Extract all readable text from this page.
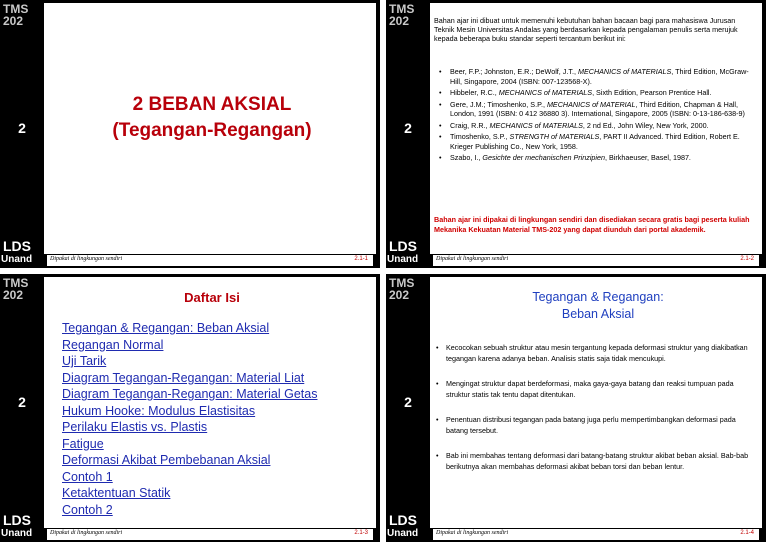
TMS
202
2
LDS
Unand	Dipakai di lingkungan sendiri	2.1-1
2 BEBAN AKSIAL
(Tegangan-Regangan)
TMS
202
2
LDS
Unand	Dipakai di lingkungan sendiri	2.1-2
Bahan ajar ini dibuat untuk memenuhi kebutuhan bahan bacaan bagi para mahasiswa Jurusan Teknik Mesin Universitas Andalas yang berdasarkan kepada pengalaman penulis serta merujuk kepada beberapa buku standar seperti tercantum berikut ini:
• Beer, F.P.; Johnston, E.R.; DeWolf, J.T., MECHANICS of MATERIALS, Third Edition, McGraw-Hill, Singapore, 2004 (ISBN: 007-123568-X).
• Hibbeler, R.C., MECHANICS of MATERIALS, Sixth Edition, Pearson Prentice Hall.
• Gere, J.M.; Timoshenko, S.P., MECHANICS of MATERIAL, Third Edition, Chapman & Hall, London, 1991 (ISBN: 0 412 36880 3). International, Singapore, 2005 (ISBN: 0-13-186-638-9)
• Craig, R.R., MECHANICS of MATERIALS, 2 nd Ed., John Wiley, New York, 2000.
• Timoshenko, S.P., STRENGTH of MATERIALS, PART II Advanced. Third Edition, Robert E. Krieger Publishing Co., New York, 1958.
• Szabo, I., Gesichte der mechanischen Prinzipien, Birkhaeuser, Basel, 1987.
Bahan ajar ini dipakai di lingkungan sendiri dan disediakan secara gratis bagi peserta kuliah Mekanika Kekuatan Material TMS-202 yang dapat diunduh dari portal akademik.
TMS
202
2
LDS
Unand	Dipakai di lingkungan sendiri	2.1-3
Daftar Isi
Tegangan & Regangan: Beban Aksial
Regangan Normal
Uji Tarik
Diagram Tegangan-Regangan: Material Liat
Diagram Tegangan-Regangan: Material Getas
Hukum Hooke: Modulus Elastisitas
Perilaku Elastis vs. Plastis
Fatigue
Deformasi Akibat Pembebanan Aksial
Contoh 1
Ketaktentuan Statik
Contoh 2
TMS
202
2
LDS
Unand	Dipakai di lingkungan sendiri	2.1-4
Tegangan & Regangan:
Beban Aksial
• Kecocokan sebuah struktur atau mesin tergantung kepada deformasi struktur yang diakibatkan tegangan karena adanya beban. Analisis statis saja tidak mencukupi.
• Mengingat struktur dapat berdeformasi, maka gaya-gaya batang dan reaksi tumpuan pada struktur statis tak tentu dapat ditentukan.
• Penentuan distribusi tegangan pada batang juga perlu mempertimbangkan deformasi pada batang tersebut.
• Bab ini membahas tentang deformasi dari batang-batang struktur akibat beban aksial. Bab-bab berikutnya akan membahas deformasi akibat beban torsi dan beban lentur.
